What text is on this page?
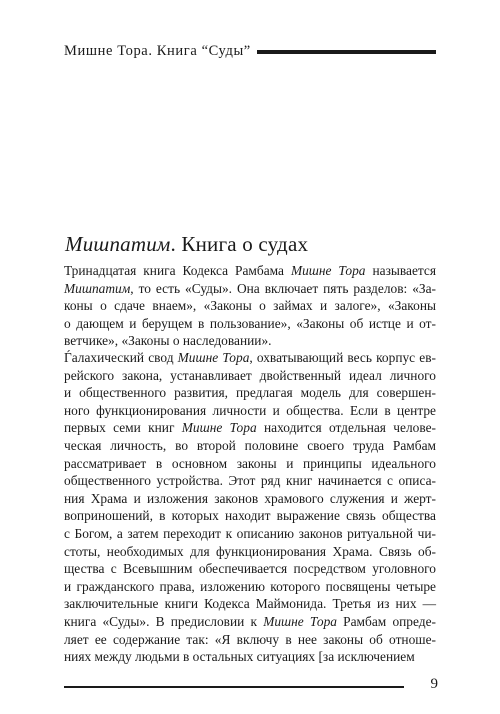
Мишне Тора. Книга “Суды”
Мишпатим. Книга о судах
Тринадцатая книга Кодекса Рамбама Мишне Тора называется
Мишпатим, то есть «Суды». Она включает пять разделов: «За-
коны о сдаче внаем», «Законы о займах и залоге», «Законы
о дающем и берущем в пользование», «Законы об истце и от-
ветчике», «Законы о наследовании».
Ѓалахический свод Мишне Тора, охватывающий весь корпус ев-
рейского закона, устанавливает двойственный идеал личного
и общественного развития, предлагая модель для совершен-
ного функционирования личности и общества. Если в центре
первых семи книг Мишне Тора находится отдельная челове-
ческая личность, во второй половине своего труда Рамбам
рассматривает в основном законы и принципы идеального
общественного устройства. Этот ряд книг начинается с описа-
ния Храма и изложения законов храмового служения и жерт-
воприношений, в которых находит выражение связь общества
с Богом, а затем переходит к описанию законов ритуальной чи-
стоты, необходимых для функционирования Храма. Связь об-
щества с Всевышним обеспечивается посредством уголовного
и гражданского права, изложению которого посвящены четыре
заключительные книги Кодекса Маймонида. Третья из них —
книга «Суды». В предисловии к Мишне Тора Рамбам опреде-
ляет ее содержание так: «Я включу в нее законы об отноше-
ниях между людьми в остальных ситуациях [за исключением
9
